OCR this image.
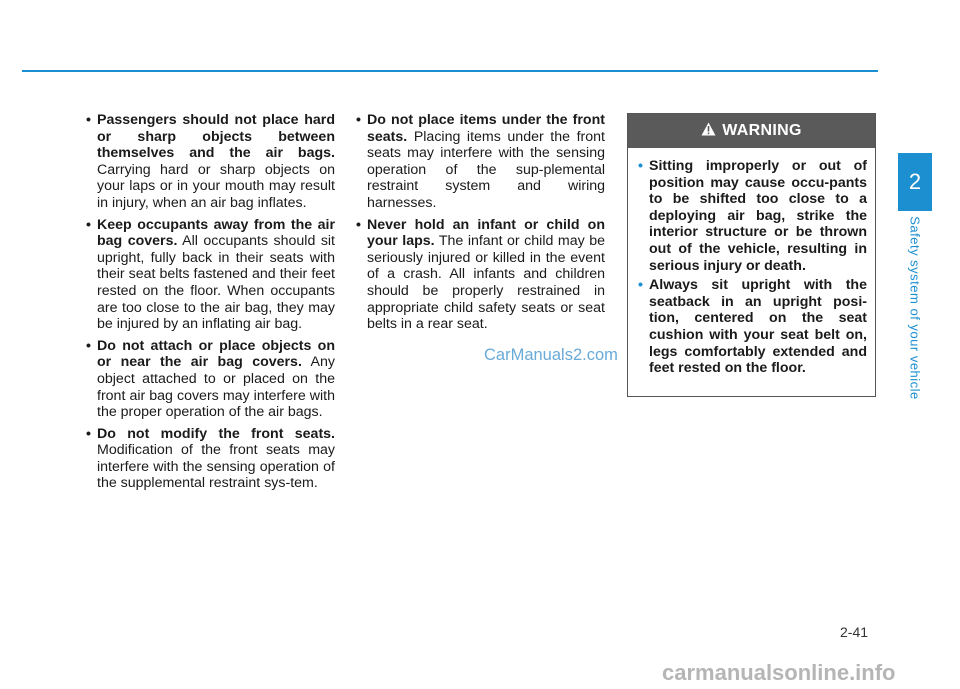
• Passengers should not place hard or sharp objects between themselves and the air bags. Carrying hard or sharp objects on your laps or in your mouth may result in injury, when an air bag inflates.
• Keep occupants away from the air bag covers. All occupants should sit upright, fully back in their seats with their seat belts fastened and their feet rested on the floor. When occupants are too close to the air bag, they may be injured by an inflating air bag.
• Do not attach or place objects on or near the air bag covers. Any object attached to or placed on the front air bag covers may interfere with the proper operation of the air bags.
• Do not modify the front seats. Modification of the front seats may interfere with the sensing operation of the supplemental restraint sys-tem.
• Do not place items under the front seats. Placing items under the front seats may interfere with the sensing operation of the sup-plemental restraint system and wiring harnesses.
• Never hold an infant or child on your laps. The infant or child may be seriously injured or killed in the event of a crash. All infants and children should be properly restrained in appropriate child safety seats or seat belts in a rear seat.
WARNING
• Sitting improperly or out of position may cause occu-pants to be shifted too close to a deploying air bag, strike the interior structure or be thrown out of the vehicle, resulting in serious injury or death.
• Always sit upright with the seatback in an upright posi-tion, centered on the seat cushion with your seat belt on, legs comfortably extended and feet rested on the floor.
2
Safety system of your vehicle
CarManuals2.com
2-41
carmanualsonline.info
